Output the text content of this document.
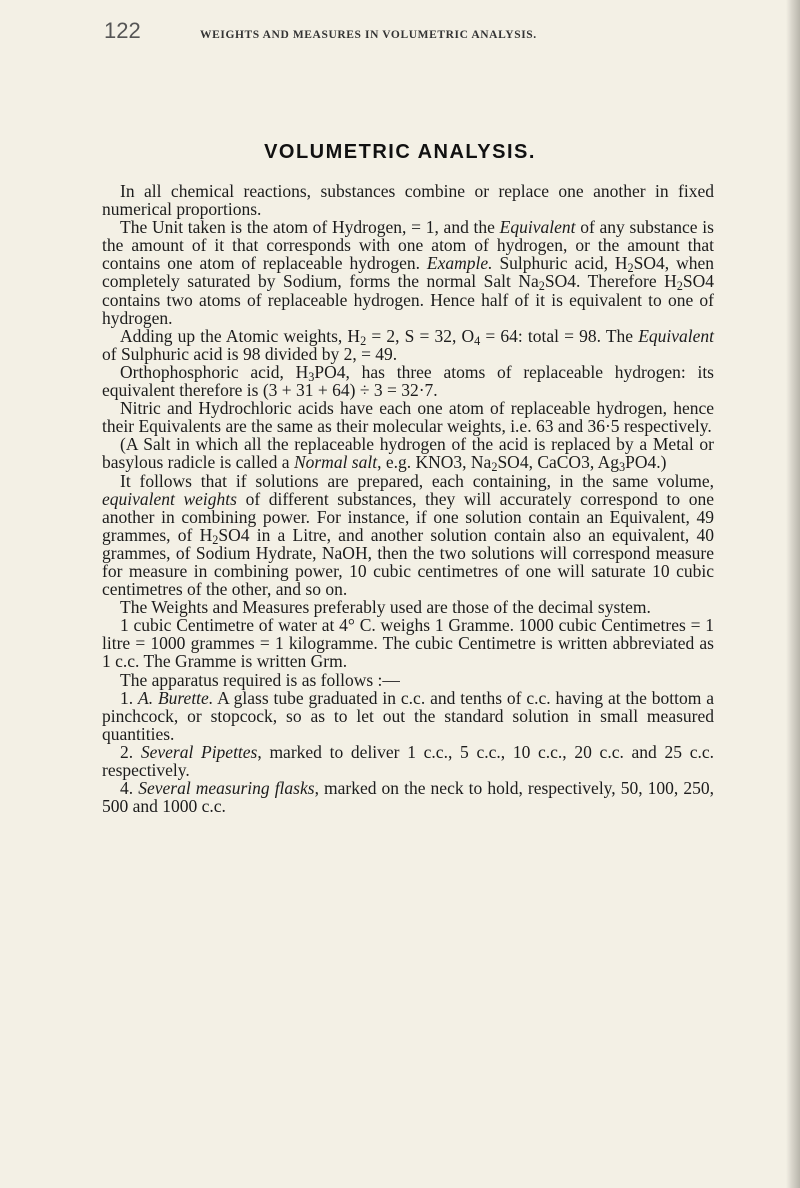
122	WEIGHTS AND MEASURES IN VOLUMETRIC ANALYSIS.
VOLUMETRIC ANALYSIS.

In all chemical reactions, substances combine or replace one another in fixed numerical proportions.

The Unit taken is the atom of Hydrogen, = 1, and the Equivalent of any substance is the amount of it that corresponds with one atom of hydrogen, or the amount that contains one atom of replaceable hydrogen. Example. Sulphuric acid, $H_2SO4$, when completely saturated by Sodium, forms the normal Salt $Na_2SO4$. Therefore $H_2SO4$ contains two atoms of replaceable hydrogen. Hence half of it is equivalent to one of hydrogen.

Adding up the Atomic weights, $H_2 = 2$, S = 32, $O_4 = 64$: total = 98. The Equivalent of Sulphuric acid is 98 divided by 2, = 49.

Orthophosphoric acid, $H_3PO4$, has three atoms of replaceable hydrogen: its equivalent therefore is (3 + 31 + 64) ÷ 3 = 32·7.

Nitric and Hydrochloric acids have each one atom of replaceable hydrogen, hence their Equivalents are the same as their molecular weights, i.e. 63 and 36·5 respectively.

(A Salt in which all the replaceable hydrogen of the acid is replaced by a Metal or basylous radicle is called a Normal salt, e.g. KNO3, $Na_2SO4$, CaCO3, $Ag_3PO4$.)

It follows that if solutions are prepared, each containing, in the same volume, equivalent weights of different substances, they will accurately correspond to one another in combining power. For instance, if one solution contain an Equivalent, 49 grammes, of $H_2SO4$ in a Litre, and another solution contain also an equivalent, 40 grammes, of Sodium Hydrate, NaOH, then the two solutions will correspond measure for measure in combining power, 10 cubic centimetres of one will saturate 10 cubic centimetres of the other, and so on.

The Weights and Measures preferably used are those of the decimal system.

1 cubic Centimetre of water at 4° C. weighs 1 Gramme. 1000 cubic Centimetres = 1 litre = 1000 grammes = 1 kilogramme. The cubic Centimetre is written abbreviated as 1 c.c. The Gramme is written Grm.

The apparatus required is as follows :—

1. A. Burette. A glass tube graduated in c.c. and tenths of c.c. having at the bottom a pinchcock, or stopcock, so as to let out the standard solution in small measured quantities.

2. Several Pipettes, marked to deliver 1 c.c., 5 c.c., 10 c.c., 20 c.c. and 25 c.c. respectively.

4. Several measuring flasks, marked on the neck to hold, respectively, 50, 100, 250, 500 and 1000 c.c.
